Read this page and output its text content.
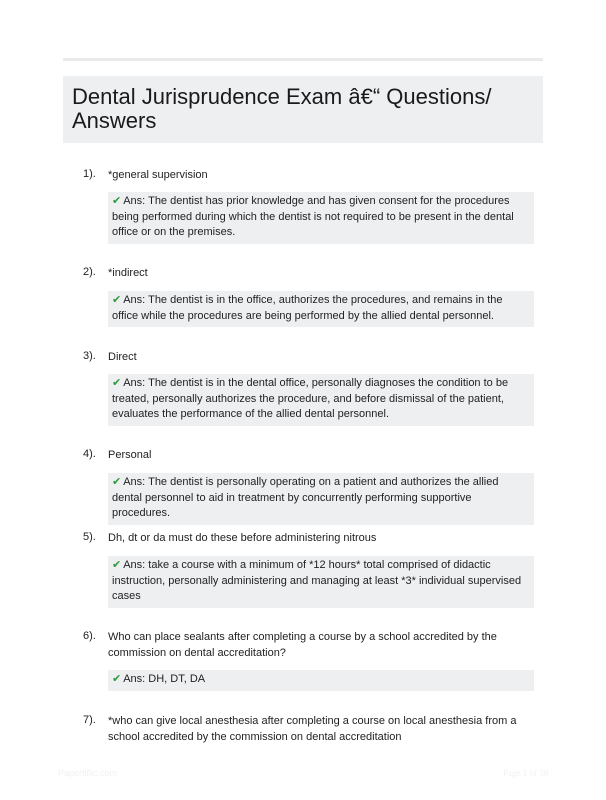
Dental Jurisprudence Exam â€“ Questions/ Answers
1). *general supervision
✔ Ans: The dentist has prior knowledge and has given consent for the procedures being performed during which the dentist is not required to be present in the dental office or on the premises.
2). *indirect
✔ Ans: The dentist is in the office, authorizes the procedures, and remains in the office while the procedures are being performed by the allied dental personnel.
3). Direct
✔ Ans: The dentist is in the dental office, personally diagnoses the condition to be treated, personally authorizes the procedure, and before dismissal of the patient, evaluates the performance of the allied dental personnel.
4). Personal
✔ Ans: The dentist is personally operating on a patient and authorizes the allied dental personnel to aid in treatment by concurrently performing supportive procedures.
5). Dh, dt or da must do these before administering nitrous
✔ Ans: take a course with a minimum of *12 hours* total comprised of didactic instruction, personally administering and managing at least *3* individual supervised cases
6). Who can place sealants after completing a course by a school accredited by the commission on dental accreditation?
✔ Ans: DH, DT, DA
7). *who can give local anesthesia after completing a course on local anesthesia from a school accredited by the commission on dental accreditation
Papertiflic.com	Page 1 of 38
